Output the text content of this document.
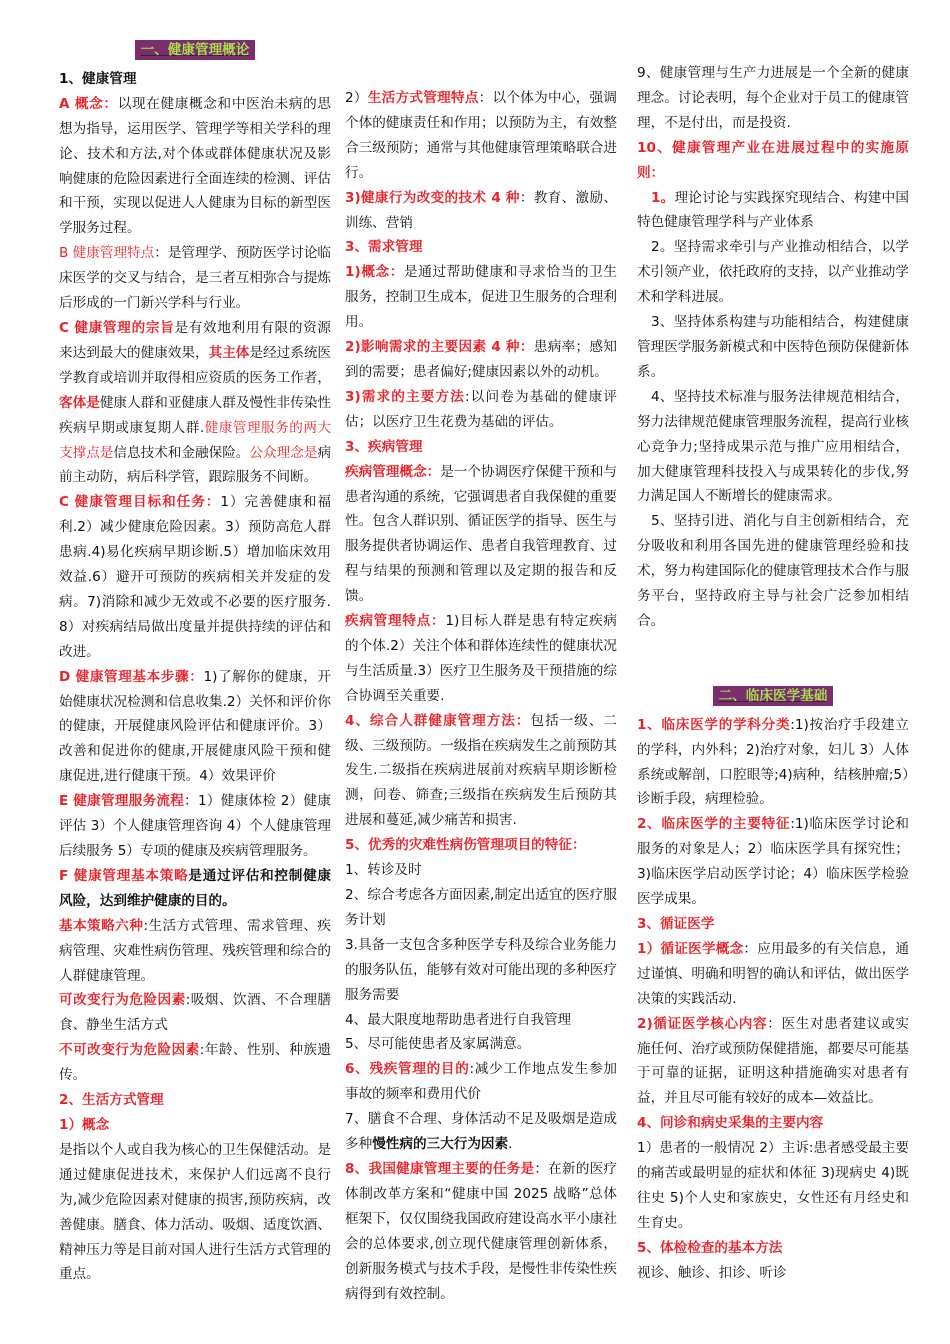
一、健康管理概论

1、健康管理

A 概念：以现在健康概念和中医治未病的思想为指导，运用医学、管理学等相关学科的理论、技术和方法,对个体或群体健康状况及影响健康的危险因素进行全面连续的检测、评估和干预，实现以促进人人健康为目标的新型医学服务过程。

B 健康管理特点：是管理学、预防医学讨论临床医学的交叉与结合，是三者互相弥合与提炼后形成的一门新兴学科与行业。

C 健康管理的宗旨是有效地利用有限的资源来达到最大的健康效果，其主体是经过系统医学教育或培训并取得相应资质的医务工作者，客体是健康人群和亚健康人群及慢性非传染性疾病早期或康复期人群.健康管理服务的两大支撑点是信息技术和金融保险。公众理念是病前主动防，病后科学管，跟踪服务不间断。

C 健康管理目标和任务：1）完善健康和福利.2）减少健康危险因素。3）预防高危人群患病.4)易化疾病早期诊断.5）增加临床效用效益.6）避开可预防的疾病相关并发症的发病。7)消除和减少无效或不必要的医疗服务.8）对疾病结局做出度量并提供持续的评估和改进。

D 健康管理基本步骤：1)了解你的健康，开始健康状况检测和信息收集.2）关怀和评价你的健康，开展健康风险评估和健康评价。3）改善和促进你的健康,开展健康风险干预和健康促进,进行健康干预。4）效果评价

E 健康管理服务流程：1）健康体检 2）健康评估 3）个人健康管理咨询 4）个人健康管理后续服务 5）专项的健康及疾病管理服务。

F 健康管理基本策略是通过评估和控制健康风险，达到维护健康的目的。

基本策略六种:生活方式管理、需求管理、疾病管理、灾难性病伤管理、残疾管理和综合的人群健康管理。

可改变行为危险因素:吸烟、饮酒、不合理膳食、静坐生活方式

不可改变行为危险因素:年龄、性别、种族遗传。

2、生活方式管理

1）概念

是指以个人或自我为核心的卫生保健活动。是通过健康促进技术，来保护人们远离不良行为,减少危险因素对健康的损害,预防疾病，改善健康。膳食、体力活动、吸烟、适度饮酒、精神压力等是目前对国人进行生活方式管理的重点。

2）生活方式管理特点：以个体为中心，强调个体的健康责任和作用；以预防为主，有效整合三级预防；通常与其他健康管理策略联合进行。

3)健康行为改变的技术 4 种：教育、激励、训练、营销

3、需求管理

1)概念：是通过帮助健康和寻求恰当的卫生服务，控制卫生成本，促进卫生服务的合理利用。

2)影响需求的主要因素 4 种：患病率；感知到的需要；患者偏好;健康因素以外的动机。

3)需求的主要方法:以问卷为基础的健康评估；以医疗卫生花费为基础的评估。

3、疾病管理

疾病管理概念：是一个协调医疗保健干预和与患者沟通的系统，它强调患者自我保健的重要性。包含人群识别、循证医学的指导、医生与服务提供者协调运作、患者自我管理教育、过程与结果的预测和管理以及定期的报告和反馈。

疾病管理特点：1)目标人群是患有特定疾病的个体.2）关注个体和群体连续性的健康状况与生活质量.3）医疗卫生服务及干预措施的综合协调至关重要.

4、综合人群健康管理方法：包括一级、二级、三级预防。一级指在疾病发生之前预防其发生.二级指在疾病进展前对疾病早期诊断检测，问卷、筛查;三级指在疾病发生后预防其进展和蔓延,减少痛苦和损害.

5、优秀的灾难性病伤管理项目的特征：

1、转诊及时

2、综合考虑各方面因素,制定出适宜的医疗服务计划

3.具备一支包含多种医学专科及综合业务能力的服务队伍，能够有效对可能出现的多种医疗服务需要

4、最大限度地帮助患者进行自我管理

5、尽可能使患者及家属满意。

6、残疾管理的目的:减少工作地点发生参加事故的频率和费用代价

7、膳食不合理、身体活动不足及吸烟是造成多种慢性病的三大行为因素.

8、我国健康管理主要的任务是：在新的医疗体制改革方案和“健康中国 2025 战略”总体框架下，仅仅围绕我国政府建设高水平小康社会的总体要求,创立现代健康管理创新体系，创新服务模式与技术手段，是慢性非传染性疾病得到有效控制。

9、健康管理与生产力进展是一个全新的健康理念。讨论表明，每个企业对于员工的健康管理，不是付出，而是投资.

10、健康管理产业在进展过程中的实施原则：

1。理论讨论与实践探究现结合、构建中国特色健康管理学科与产业体系

2。坚持需求牵引与产业推动相结合，以学术引领产业，依托政府的支持，以产业推动学术和学科进展。

3、坚持体系构建与功能相结合，构建健康管理医学服务新模式和中医特色预防保健新体系。

4、坚持技术标准与服务法律规范相结合，努力法律规范健康管理服务流程，提高行业核心竞争力;坚持成果示范与推广应用相结合，加大健康管理科技投入与成果转化的步伐,努力满足国人不断增长的健康需求。

5、坚持引进、消化与自主创新相结合，充分吸收和利用各国先进的健康管理经验和技术，努力构建国际化的健康管理技术合作与服务平台，坚持政府主导与社会广泛参加相结合。

二、临床医学基础

1、临床医学的学科分类:1)按治疗手段建立的学科，内外科；2)治疗对象，妇儿 3）人体系统或解剖，口腔眼等;4)病种，结核肿瘤;5）诊断手段，病理检验。

2、临床医学的主要特征:1)临床医学讨论和服务的对象是人；2）临床医学具有探究性；3)临床医学启动医学讨论；4）临床医学检验医学成果。

3、循证医学

1）循证医学概念：应用最多的有关信息，通过谨慎、明确和明智的确认和评估，做出医学决策的实践活动.

2)循证医学核心内容：医生对患者建议或实施任何、治疗或预防保健措施，都要尽可能基于可靠的证据，证明这种措施确实对患者有益，并且尽可能有较好的成本—效益比。

4、问诊和病史采集的主要内容

1）患者的一般情况 2）主诉:患者感受最主要的痛苦或最明显的症状和体征 3)现病史 4)既往史 5)个人史和家族史，女性还有月经史和生育史。

5、体检检查的基本方法

视诊、触诊、扣诊、听诊
